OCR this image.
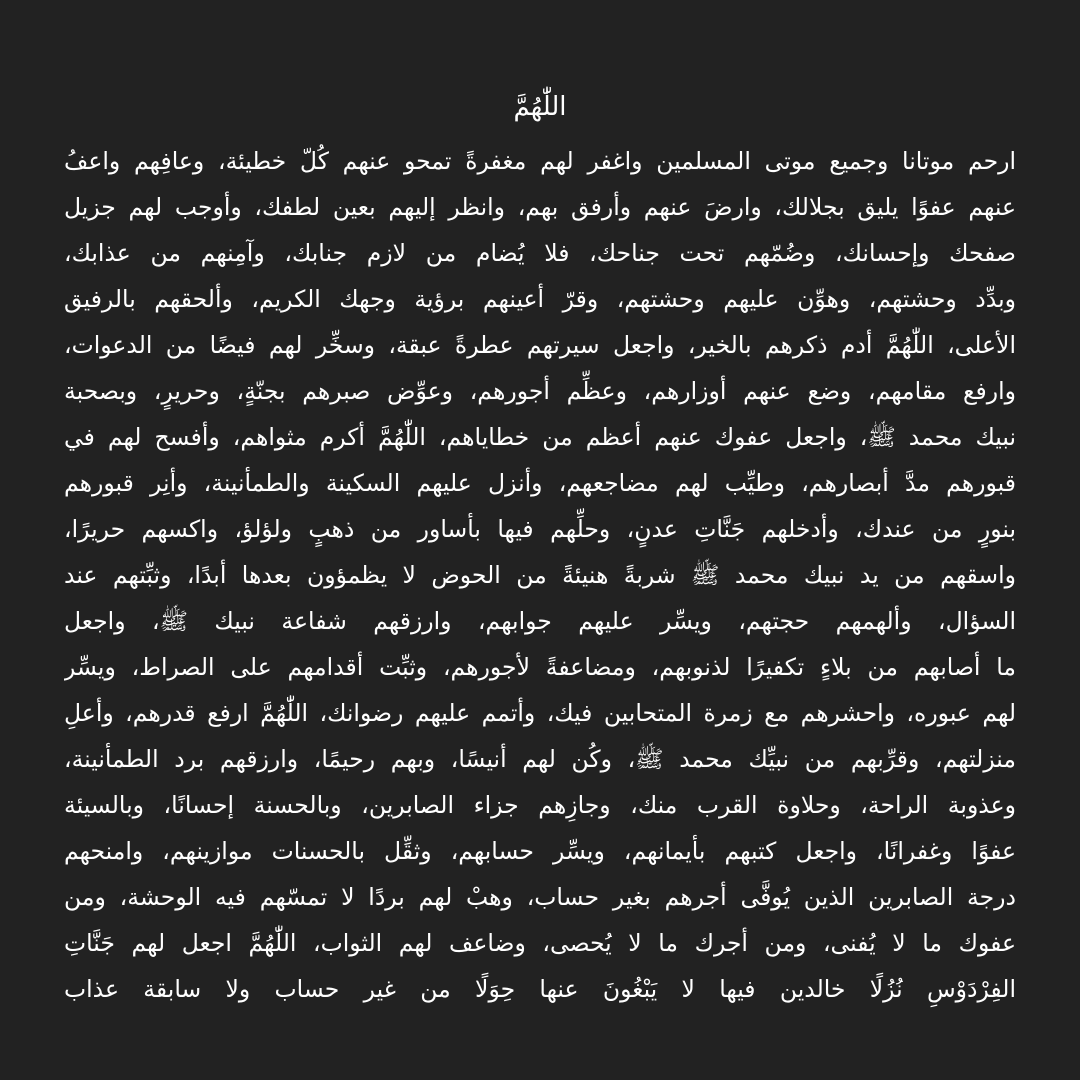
اللّٰهُمَّ
ارحم موتانا وجميع موتى المسلمين واغفر لهم مغفرةً تمحو عنهم كُلّ خطيئة، وعافِهم واعفُ
عنهم عفوًا يليق بجلالك، وارضَ عنهم وأرفق بهم، وانظر إليهم بعين لطفك، وأوجب لهم جزيل
صفحك وإحسانك، وضُمّهم تحت جناحك، فلا يُضام من لازم جنابك، وآمِنهم من عذابك،
وبدِّد وحشتهم، وهوِّن عليهم وحشتهم، وقرّ أعينهم برؤية وجهك الكريم، وألحقهم بالرفيق
الأعلى، اللّٰهُمَّ أدم ذكرهم بالخير، واجعل سيرتهم عطرةً عبقة، وسخِّر لهم فيضًا من الدعوات،
وارفع مقامهم، وضع عنهم أوزارهم، وعظِّم أجورهم، وعوِّض صبرهم بجنّةٍ، وحريرٍ، وبصحبة
نبيك محمد ﷺ، واجعل عفوك عنهم أعظم من خطاياهم، اللّٰهُمَّ أكرم مثواهم، وأفسح لهم في
قبورهم مدَّ أبصارهم، وطيِّب لهم مضاجعهم، وأنزل عليهم السكينة والطمأنينة، وأنِر قبورهم
بنورٍ من عندك، وأدخلهم جَنَّاتِ عدنٍ، وحلِّهم فيها بأساور من ذهبٍ ولؤلؤ، واكسهم حريرًا،
واسقهم من يد نبيك محمد ﷺ شربةً هنيئةً من الحوض لا يظمؤون بعدها أبدًا، وثبِّتهم عند
السؤال، وألهمهم حجتهم، ويسِّر عليهم جوابهم، وارزقهم شفاعة نبيك ﷺ، واجعل
ما أصابهم من بلاءٍ تكفيرًا لذنوبهم، ومضاعفةً لأجورهم، وثبِّت أقدامهم على الصراط، ويسِّر
لهم عبوره، واحشرهم مع زمرة المتحابين فيك، وأتمم عليهم رضوانك، اللّٰهُمَّ ارفع قدرهم، وأعلِ
منزلتهم، وقرِّبهم من نبيِّك محمد ﷺ، وكُن لهم أنيسًا، وبهم رحيمًا، وارزقهم برد الطمأنينة،
وعذوبة الراحة، وحلاوة القرب منك، وجازِهم جزاء الصابرين، وبالحسنة إحسانًا، وبالسيئة
عفوًا وغفرانًا، واجعل كتبهم بأيمانهم، ويسِّر حسابهم، وثقِّل بالحسنات موازينهم، وامنحهم
درجة الصابرين الذين يُوفَّى أجرهم بغير حساب، وهبْ لهم بردًا لا تمسّهم فيه الوحشة، ومن
عفوك ما لا يُفنى، ومن أجرك ما لا يُحصى، وضاعف لهم الثواب، اللّٰهُمَّ اجعل لهم جَنَّاتِ
الفِرْدَوْسِ نُزُلًا خالدين فيها لا يَبْغُونَ عنها حِوَلًا من غير حساب ولا سابقة عذاب
